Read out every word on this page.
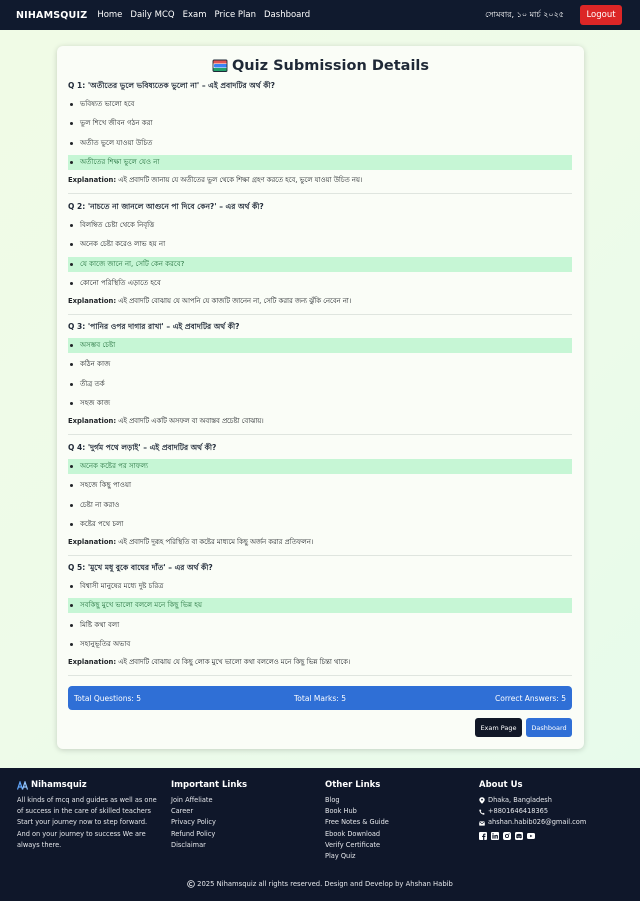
NIHAMSQUIZ Home Daily MCQ Exam Price Plan Dashboard	সোমবার, ১০ মার্চ ২০২৫	Logout
Quiz Submission Details
Q 1: 'অতীতের ভুলে ভবিষ্যতেক ভুলো না' – এই প্রবাদটির অর্থ কী?
ভবিষ্যত ভালো হবে
ভুল শিখে জীবন গঠন করা
অতীত ভুলে যাওয়া উচিত
অতীতের শিক্ষা ভুলে যেও না
Explanation: এই প্রবাদটি জানায় যে অতীতের ভুল থেকে শিক্ষা গ্রহণ করতে হবে, ভুলে যাওয়া উচিত নয়।
Q 2: 'নাচতে না জানলে আগুনে পা দিবে কেন?' – এর অর্থ কী?
বিলম্বিত চেষ্টা থেকে নিবৃত্তি
অনেক চেষ্টা করেও লাভ হয় না
যে কাজে জানে না, সেটি কেন করবে?
কোনো পরিস্থিতি এড়াতে হবে
Explanation: এই প্রবাদটি বোঝায় যে আপনি যে কাজটি জানেন না, সেটি করার জন্য ঝুঁকি নেবেন না।
Q 3: 'পানির ওপর দাগার রাখা' – এই প্রবাদটির অর্থ কী?
অসম্ভব চেষ্টা
কঠিন কাজ
তীব্র তর্ক
সহজ কাজ
Explanation: এই প্রবাদটি একটি অসফল বা অবাস্তব প্রচেষ্টা বোঝায়।
Q 4: 'দুর্গম পথে লড়াই' – এই প্রবাদটির অর্থ কী?
অনেক কষ্টের পর সাফল্য
সহজে কিছু পাওয়া
চেষ্টা না করাও
কষ্টের পথে চলা
Explanation: এই প্রবাদটি দুরূহ পরিস্থিতি বা কষ্টের মাধ্যমে কিছু অর্জন করার প্রতিফলন।
Q 5: 'মুখে মধু বুকে বাঘের দাঁত' – এর অর্থ কী?
বিশ্বাসী মানুষের মধ্যে দুষ্ট চরিত্র
সবকিছু মুখে ভালো বললে মনে কিছু ভিন্ন হয়
মিষ্টি কথা বলা
সহানুভূতির অভাব
Explanation: এই প্রবাদটি বোঝায় যে কিছু লোক মুখে ভালো কথা বললেও মনে কিছু ভিন্ন চিন্তা থাকে।
Total Questions: 5	Total Marks: 5	Correct Answers: 5
Exam Page	Dashboard
Nihamsquiz
All kinds of mcq and guides as well as one of success in the care of skilled teachers Start your journey now to step forward. And on your journey to success We are always there.
Important Links
Join Affeliate
Career
Privacy Policy
Refund Policy
Disclaimar
Other Links
Blog
Book Hub
Free Notes & Guide
Ebook Download
Verify Certificate
Play Quiz
About Us
Dhaka, Bangladesh
+8801646418365
ahshan.habib026@gmail.com
2025 Nihamsquiz all rights reserved. Design and Develop by Ahshan Habib
